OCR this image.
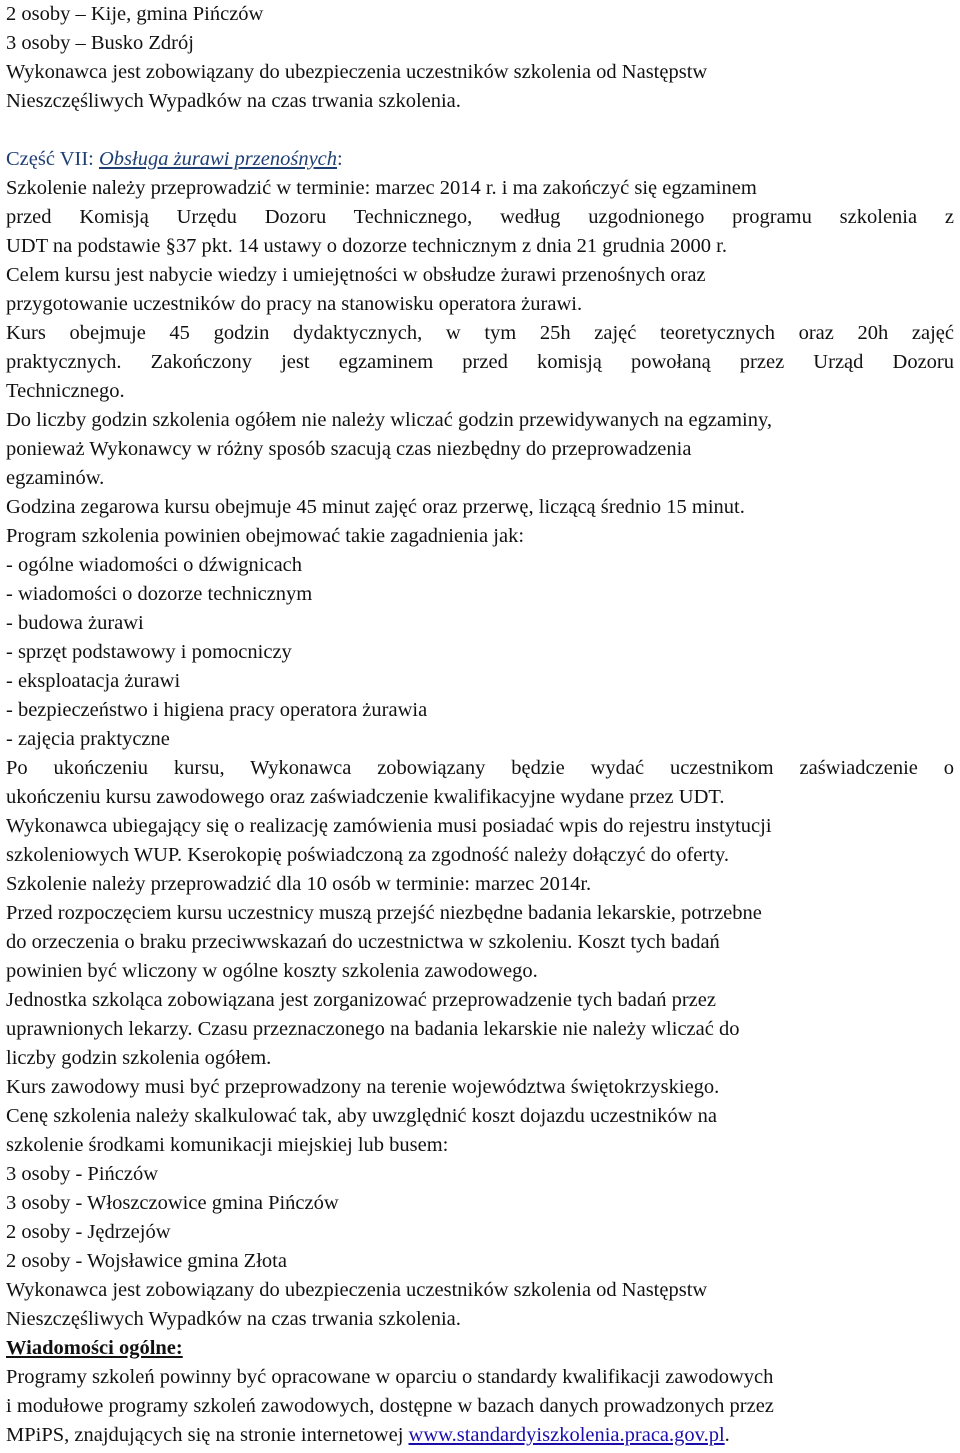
2 osoby – Kije, gmina Pińczów
3 osoby – Busko Zdrój
Wykonawca jest zobowiązany do ubezpieczenia uczestników szkolenia od Następstw
Nieszczęśliwych Wypadków na czas trwania szkolenia.
Część VII: Obsługa żurawi przenośnych:
Szkolenie należy przeprowadzić w terminie: marzec 2014 r. i ma zakończyć się egzaminem
przed Komisją Urzędu Dozoru Technicznego, według uzgodnionego programu szkolenia z
UDT na podstawie §37 pkt. 14 ustawy o dozorze technicznym z dnia 21 grudnia 2000 r.
Celem kursu jest nabycie wiedzy i umiejętności w obsłudze żurawi przenośnych oraz
przygotowanie uczestników do pracy na stanowisku operatora żurawi.
Kurs obejmuje 45 godzin dydaktycznych, w tym 25h zajęć teoretycznych oraz 20h zajęć
praktycznych. Zakończony jest egzaminem przed komisją powołaną przez Urząd Dozoru
Technicznego.
Do liczby godzin szkolenia ogółem nie należy wliczać godzin przewidywanych na egzaminy,
ponieważ Wykonawcy w różny sposób szacują czas niezbędny do przeprowadzenia
egzaminów.
Godzina zegarowa kursu obejmuje 45 minut zajęć oraz przerwę, liczącą średnio 15 minut.
Program szkolenia powinien obejmować takie zagadnienia jak:
- ogólne wiadomości o dźwignicach
- wiadomości o dozorze technicznym
- budowa żurawi
- sprzęt podstawowy i pomocniczy
- eksploatacja żurawi
- bezpieczeństwo i higiena pracy operatora żurawia
- zajęcia praktyczne
Po ukończeniu kursu, Wykonawca zobowiązany będzie wydać uczestnikom zaświadczenie o
ukończeniu kursu zawodowego oraz zaświadczenie kwalifikacyjne wydane przez UDT.
Wykonawca ubiegający się o realizację zamówienia musi posiadać wpis do rejestru instytucji
szkoleniowych WUP. Kserokopię poświadczoną za zgodność należy dołączyć do oferty.
Szkolenie należy przeprowadzić dla 10 osób w terminie: marzec 2014r.
Przed rozpoczęciem kursu uczestnicy muszą przejść niezbędne badania lekarskie, potrzebne
do orzeczenia o braku przeciwwskazań do uczestnictwa w szkoleniu. Koszt tych badań
powinien być wliczony w ogólne koszty szkolenia zawodowego.
Jednostka szkoląca zobowiązana jest zorganizować przeprowadzenie tych badań przez
uprawnionych lekarzy. Czasu przeznaczonego na badania lekarskie nie należy wliczać do
liczby godzin szkolenia ogółem.
Kurs zawodowy musi być przeprowadzony na terenie województwa świętokrzyskiego.
Cenę szkolenia należy skalkulować tak, aby uwzględnić koszt dojazdu uczestników na
szkolenie środkami komunikacji miejskiej lub busem:
3 osoby - Pińczów
3 osoby - Włoszczowice gmina Pińczów
2 osoby - Jędrzejów
2 osoby - Wojsławice gmina Złota
Wykonawca jest zobowiązany do ubezpieczenia uczestników szkolenia od Następstw
Nieszczęśliwych Wypadków na czas trwania szkolenia.
Wiadomości ogólne:
Programy szkoleń powinny być opracowane w oparciu o standardy kwalifikacji zawodowych
i modułowe programy szkoleń zawodowych, dostępne w bazach danych prowadzonych przez
MPiPS, znajdujących się na stronie internetowej www.standardyiszkolenia.praca.gov.pl.
